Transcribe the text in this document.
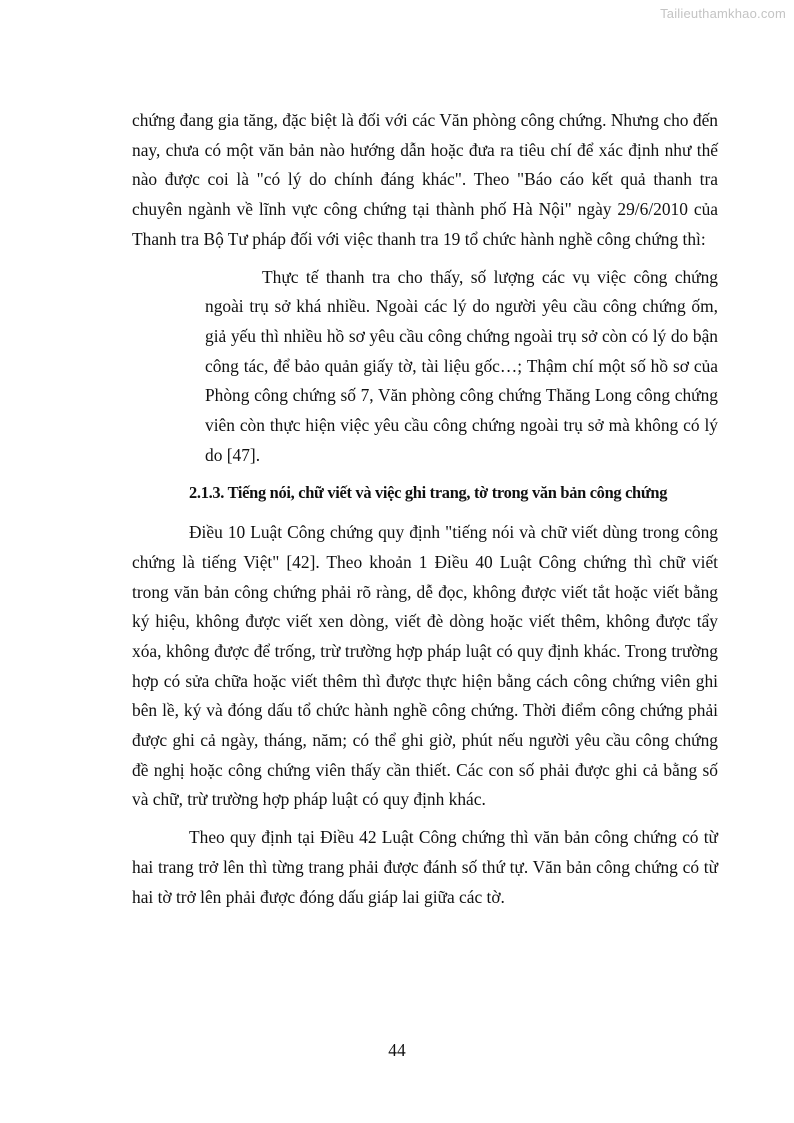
Tailieuthamkhao.com

chứng đang gia tăng, đặc biệt là đối với các Văn phòng công chứng. Nhưng cho đến nay, chưa có một văn bản nào hướng dẫn hoặc đưa ra tiêu chí để xác định như thế nào được coi là "có lý do chính đáng khác". Theo "Báo cáo kết quả thanh tra chuyên ngành về lĩnh vực công chứng tại thành phố Hà Nội" ngày 29/6/2010 của Thanh tra Bộ Tư pháp đối với việc thanh tra 19 tổ chức hành nghề công chứng thì:

Thực tế thanh tra cho thấy, số lượng các vụ việc công chứng ngoài trụ sở khá nhiều. Ngoài các lý do người yêu cầu công chứng ốm, giả yếu thì nhiều hồ sơ yêu cầu công chứng ngoài trụ sở còn có lý do bận công tác, để bảo quản giấy tờ, tài liệu gốc…; Thậm chí một số hồ sơ của Phòng công chứng số 7, Văn phòng công chứng Thăng Long công chứng viên còn thực hiện việc yêu cầu công chứng ngoài trụ sở mà không có lý do [47].

2.1.3. Tiếng nói, chữ viết và việc ghi trang, tờ trong văn bản công chứng

Điều 10 Luật Công chứng quy định "tiếng nói và chữ viết dùng trong công chứng là tiếng Việt" [42]. Theo khoản 1 Điều 40 Luật Công chứng thì chữ viết trong văn bản công chứng phải rõ ràng, dễ đọc, không được viết tắt hoặc viết bằng ký hiệu, không được viết xen dòng, viết đè dòng hoặc viết thêm, không được tẩy xóa, không được để trống, trừ trường hợp pháp luật có quy định khác. Trong trường hợp có sửa chữa hoặc viết thêm thì được thực hiện bằng cách công chứng viên ghi bên lề, ký và đóng dấu tổ chức hành nghề công chứng. Thời điểm công chứng phải được ghi cả ngày, tháng, năm; có thể ghi giờ, phút nếu người yêu cầu công chứng đề nghị hoặc công chứng viên thấy cần thiết. Các con số phải được ghi cả bằng số và chữ, trừ trường hợp pháp luật có quy định khác.

Theo quy định tại Điều 42 Luật Công chứng thì văn bản công chứng có từ hai trang trở lên thì từng trang phải được đánh số thứ tự. Văn bản công chứng có từ hai tờ trở lên phải được đóng dấu giáp lai giữa các tờ.

44
